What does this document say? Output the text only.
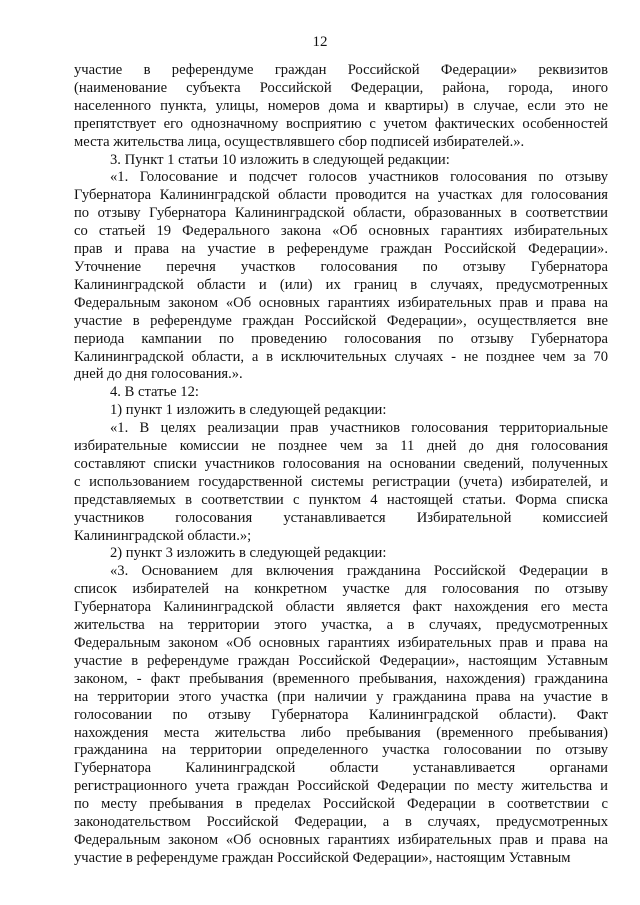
12

участие в референдуме граждан Российской Федерации» реквизитов
(наименование субъекта Российской Федерации, района, города, иного
населенного пункта, улицы, номеров дома и квартиры) в случае, если это не
препятствует его однозначному восприятию с учетом фактических особенностей
места жительства лица, осуществлявшего сбор подписей избирателей.».

3. Пункт 1 статьи 10 изложить в следующей редакции:

«1. Голосование и подсчет голосов участников голосования по отзыву
Губернатора Калининградской области проводится на участках для голосования
по отзыву Губернатора Калининградской области, образованных в соответствии
со статьей 19 Федерального закона «Об основных гарантиях избирательных
прав и права на участие в референдуме граждан Российской Федерации».
Уточнение перечня участков голосования по отзыву Губернатора
Калининградской области и (или) их границ в случаях, предусмотренных
Федеральным законом «Об основных гарантиях избирательных прав и права на
участие в референдуме граждан Российской Федерации», осуществляется вне
периода кампании по проведению голосования по отзыву Губернатора
Калининградской области, а в исключительных случаях - не позднее чем за 70
дней до дня голосования.».

4. В статье 12:

1) пункт 1 изложить в следующей редакции:

«1. В целях реализации прав участников голосования территориальные
избирательные комиссии не позднее чем за 11 дней до дня голосования
составляют списки участников голосования на основании сведений, полученных
с использованием государственной системы регистрации (учета) избирателей, и
представляемых в соответствии с пунктом 4 настоящей статьи. Форма списка
участников голосования устанавливается Избирательной комиссией
Калининградской области.»;

2) пункт 3 изложить в следующей редакции:

«3. Основанием для включения гражданина Российской Федерации в
список избирателей на конкретном участке для голосования по отзыву
Губернатора Калининградской области является факт нахождения его места
жительства на территории этого участка, а в случаях, предусмотренных
Федеральным законом «Об основных гарантиях избирательных прав и права на
участие в референдуме граждан Российской Федерации», настоящим Уставным
законом, - факт пребывания (временного пребывания, нахождения) гражданина
на территории этого участка (при наличии у гражданина права на участие в
голосовании по отзыву Губернатора Калининградской области). Факт
нахождения места жительства либо пребывания (временного пребывания)
гражданина на территории определенного участка голосовании по отзыву
Губернатора Калининградской области устанавливается органами
регистрационного учета граждан Российской Федерации по месту жительства и
по месту пребывания в пределах Российской Федерации в соответствии с
законодательством Российской Федерации, а в случаях, предусмотренных
Федеральным законом «Об основных гарантиях избирательных прав и права на
участие в референдуме граждан Российской Федерации», настоящим Уставным
